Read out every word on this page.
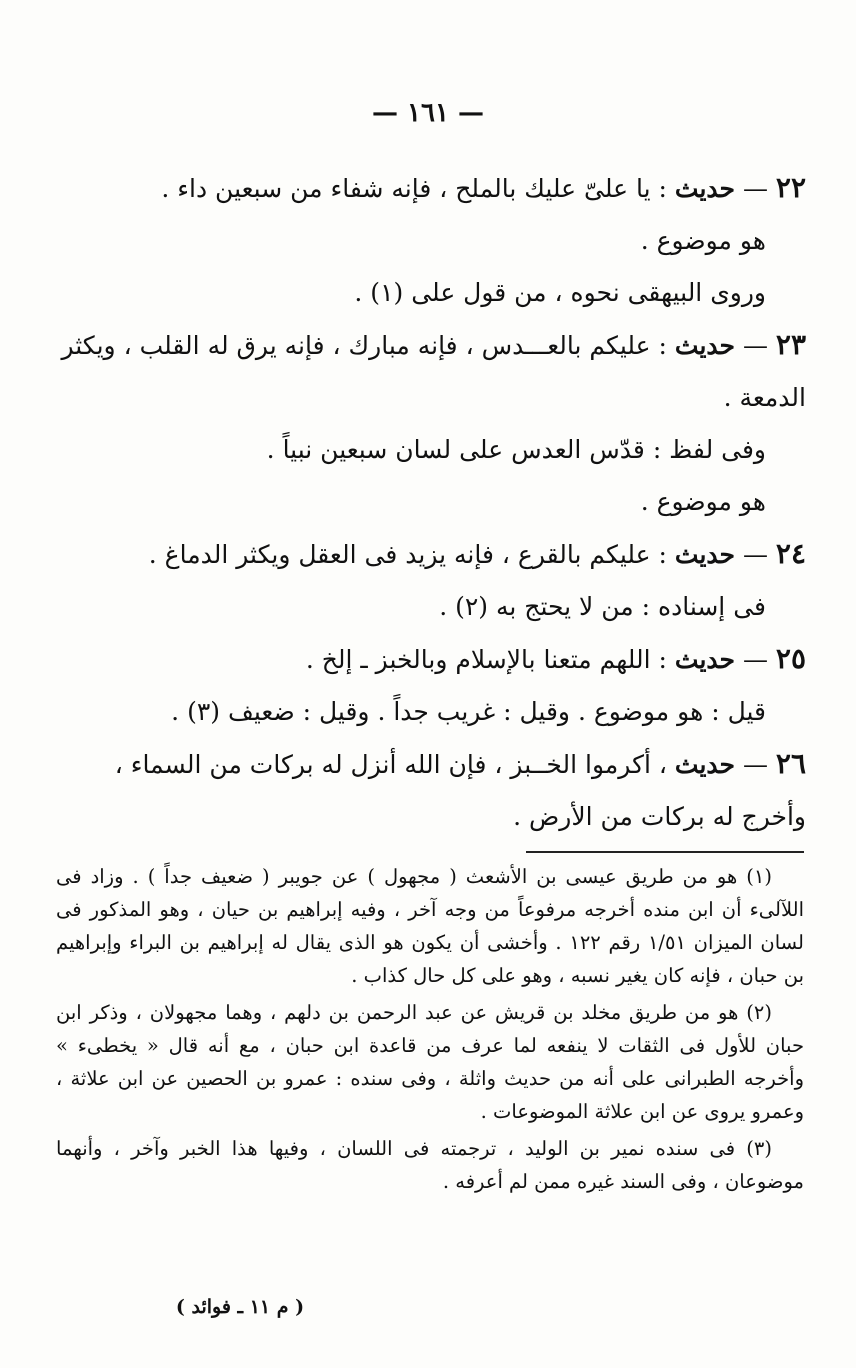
— ١٦١ —

٢٢ — حديث : يا علىّ عليك بالملح ، فإنه شفاء من سبعين داء .

هو موضوع .

وروى البيهقى نحوه ، من قول على (١) .

٢٣ — حديث : عليكم بالعـــدس ، فإنه مبارك ، فإنه يرق له القلب ، ويكثر الدمعة .

وفى لفظ : قدّس العدس على لسان سبعين نبياً .

هو موضوع .

٢٤ — حديث : عليكم بالقرع ، فإنه يزيد فى العقل ويكثر الدماغ .

فى إسناده : من لا يحتج به (٢) .

٢٥ — حديث : اللهم متعنا بالإسلام وبالخبز ـ إلخ .

قيل : هو موضوع . وقيل : غريب جداً . وقيل : ضعيف (٣) .

٢٦ — حديث ، أكرموا الخــبز ، فإن الله أنزل له بركات من السماء ، وأخرج له بركات من الأرض .

(١) هو من طريق عيسى بن الأشعث ( مجهول ) عن جويبر ( ضعيف جداً ) . وزاد فى اللآلىء أن ابن منده أخرجه مرفوعاً من وجه آخر ، وفيه إبراهيم بن حيان ، وهو المذكور فى لسان الميزان ١/٥١ رقم ١٢٢ . وأخشى أن يكون هو الذى يقال له إبراهيم بن البراء وإبراهيم بن حبان ، فإنه كان يغير نسبه ، وهو على كل حال كذاب .

(٢) هو من طريق مخلد بن قريش عن عبد الرحمن بن دلهم ، وهما مجهولان ، وذكر ابن حبان للأول فى الثقات لا ينفعه لما عرف من قاعدة ابن حبان ، مع أنه قال « يخطىء » وأخرجه الطبرانى على أنه من حديث واثلة ، وفى سنده : عمرو بن الحصين عن ابن علاثة ، وعمرو يروى عن ابن علاثة الموضوعات .

(٣) فى سنده نمير بن الوليد ، ترجمته فى اللسان ، وفيها هذا الخبر وآخر ، وأنهما موضوعان ، وفى السند غيره ممن لم أعرفه .

( م ١١ ـ فوائد )
